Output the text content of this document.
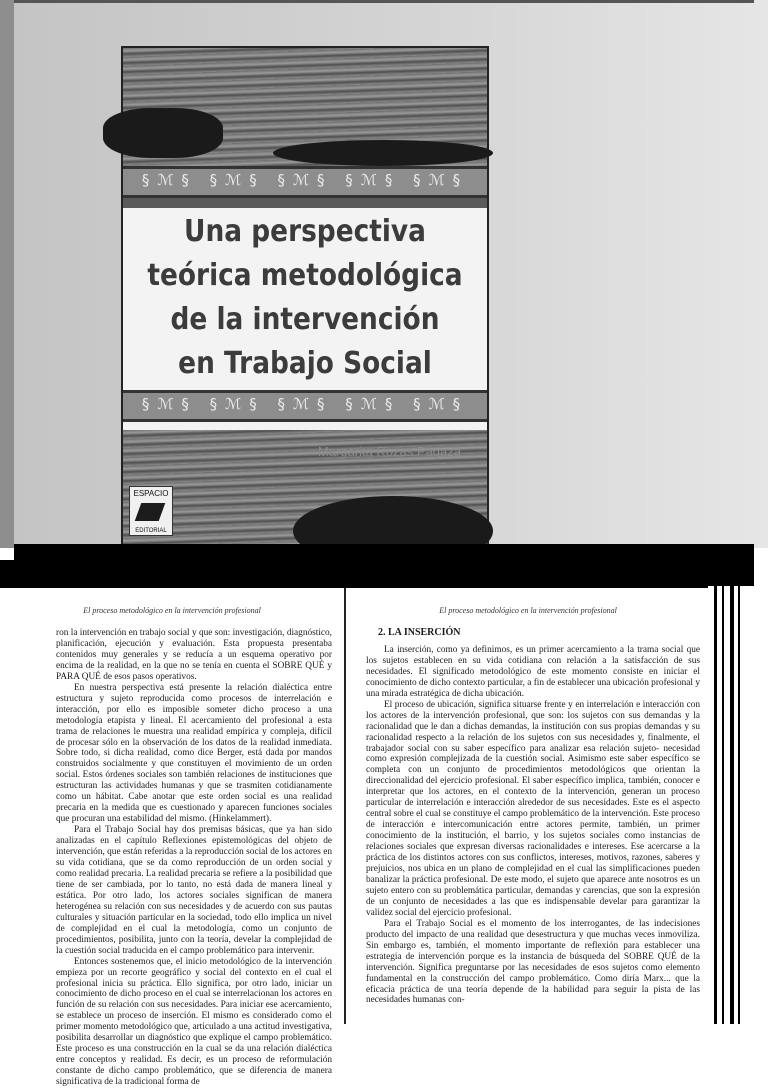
§ℳ§ §ℳ§ §ℳ§ §ℳ§ §ℳ§
Una perspectiva
teórica metodológica
de la intervención
en Trabajo Social
§ℳ§ §ℳ§ §ℳ§ §ℳ§ §ℳ§
Margarita Rozas Pagaza
ESPACIO
EDITORIAL
El proceso metodológico en la intervención profesional

ron la intervención en trabajo social y que son: investigación, diagnóstico, planificación, ejecución y evaluación. Esta propuesta presentaba contenidos muy generales y se reducía a un esquema operativo por encima de la realidad, en la que no se tenía en cuenta el SOBRE QUÉ y PARA QUÉ de esos pasos operativos.

En nuestra perspectiva está presente la relación dialéctica entre estructura y sujeto reproducida como procesos de interrelación e interacción, por ello es imposible someter dicho proceso a una metodología etapista y lineal. El acercamiento del profesional a esta trama de relaciones le muestra una realidad empírica y compleja, difícil de procesar sólo en la observación de los datos de la realidad inmediata. Sobre todo, si dicha realidad, como dice Berger, está dada por mandos construidos socialmente y que constituyen el movimiento de un orden social. Estos órdenes sociales son también relaciones de instituciones que estructuran las actividades humanas y que se trasmiten cotidianamente como un hábitat. Cabe anotar que este orden social es una realidad precaria en la medida que es cuestionado y aparecen funciones sociales que procuran una estabilidad del mismo. (Hinkelammert).

Para el Trabajo Social hay dos premisas básicas, que ya han sido analizadas en el capítulo Reflexiones epistemológicas del objeto de intervención, que están referidas a la reproducción social de los actores en su vida cotidiana, que se da como reproducción de un orden social y como realidad precaria. La realidad precaria se refiere a la posibilidad que tiene de ser cambiada, por lo tanto, no está dada de manera lineal y estática. Por otro lado, los actores sociales significan de manera heterogénea su relación con sus necesidades y de acuerdo con sus pautas culturales y situación particular en la sociedad, todo ello implica un nivel de complejidad en el cual la metodología, como un conjunto de procedimientos, posibilita, junto con la teoría, develar la complejidad de la cuestión social traducida en el campo problemático para intervenir.

Entonces sostenemos que, el inicio metodológico de la intervención empieza por un recorte geográfico y social del contexto en el cual el profesional inicia su práctica. Ello significa, por otro lado, iniciar un conocimiento de dicho proceso en el cual se interrelacionan los actores en función de su relación con sus necesidades. Para iniciar ese acercamiento, se establece un proceso de inserción. El mismo es considerado como el primer momento metodológico que, articulado a una actitud investigativa, posibilita desarrollar un diagnóstico que explique el campo problemático. Este proceso es una construcción en la cual se da una relación dialéctica entre conceptos y realidad. Es decir, es un proceso de reformulación constante de dicho campo problemático, que se diferencia de manera significativa de la tradicional forma de

El proceso metodológico en la intervención profesional
2. LA INSERCIÓN

La inserción, como ya definimos, es un primer acercamiento a la trama social que los sujetos establecen en su vida cotidiana con relación a la satisfacción de sus necesidades. El significado metodológico de este momento consiste en iniciar el conocimiento de dicho contexto particular, a fin de establecer una ubicación profesional y una mirada estratégica de dicha ubicación.

El proceso de ubicación, significa situarse frente y en interrelación e interacción con los actores de la intervención profesional, que son: los sujetos con sus demandas y la racionalidad que le dan a dichas demandas, la institución con sus propias demandas y su racionalidad respecto a la relación de los sujetos con sus necesidades y, finalmente, el trabajador social con su saber específico para analizar esa relación sujeto- necesidad como expresión complejizada de la cuestión social. Asimismo este saber específico se completa con un conjunto de procedimientos metodológicos que orientan la direccionalidad del ejercicio profesional. El saber específico implica, también, conocer e interpretar que los actores, en el contexto de la intervención, generan un proceso particular de interrelación e interacción alrededor de sus necesidades. Este es el aspecto central sobre el cual se constituye el campo problemático de la intervención. Este proceso de interacción e intercomunicación entre actores permite, también, un primer conocimiento de la institución, el barrio, y los sujetos sociales como instancias de relaciones sociales que expresan diversas racionalidades e intereses. Ese acercarse a la práctica de los distintos actores con sus conflictos, intereses, motivos, razones, saberes y prejuicios, nos ubica en un plano de complejidad en el cual las simplificaciones pueden banalizar la práctica profesional. De este modo, el sujeto que aparece ante nosotros es un sujeto entero con su problemática particular, demandas y carencias, que son la expresión de un conjunto de necesidades a las que es indispensable develar para garantizar la validez social del ejercicio profesional.

Para el Trabajo Social es el momento de los interrogantes, de las indecisiones producto del impacto de una realidad que desestructura y que muchas veces inmoviliza. Sin embargo es, también, el momento importante de reflexión para establecer una estrategia de intervención porque es la instancia de búsqueda del SOBRE QUÉ de la intervención. Significa preguntarse por las necesidades de esos sujetos como elemento fundamental en la construcción del campo problemático. Como diría Marx... que la eficacia práctica de una teoría depende de la habilidad para seguir la pista de las necesidades humanas con-
